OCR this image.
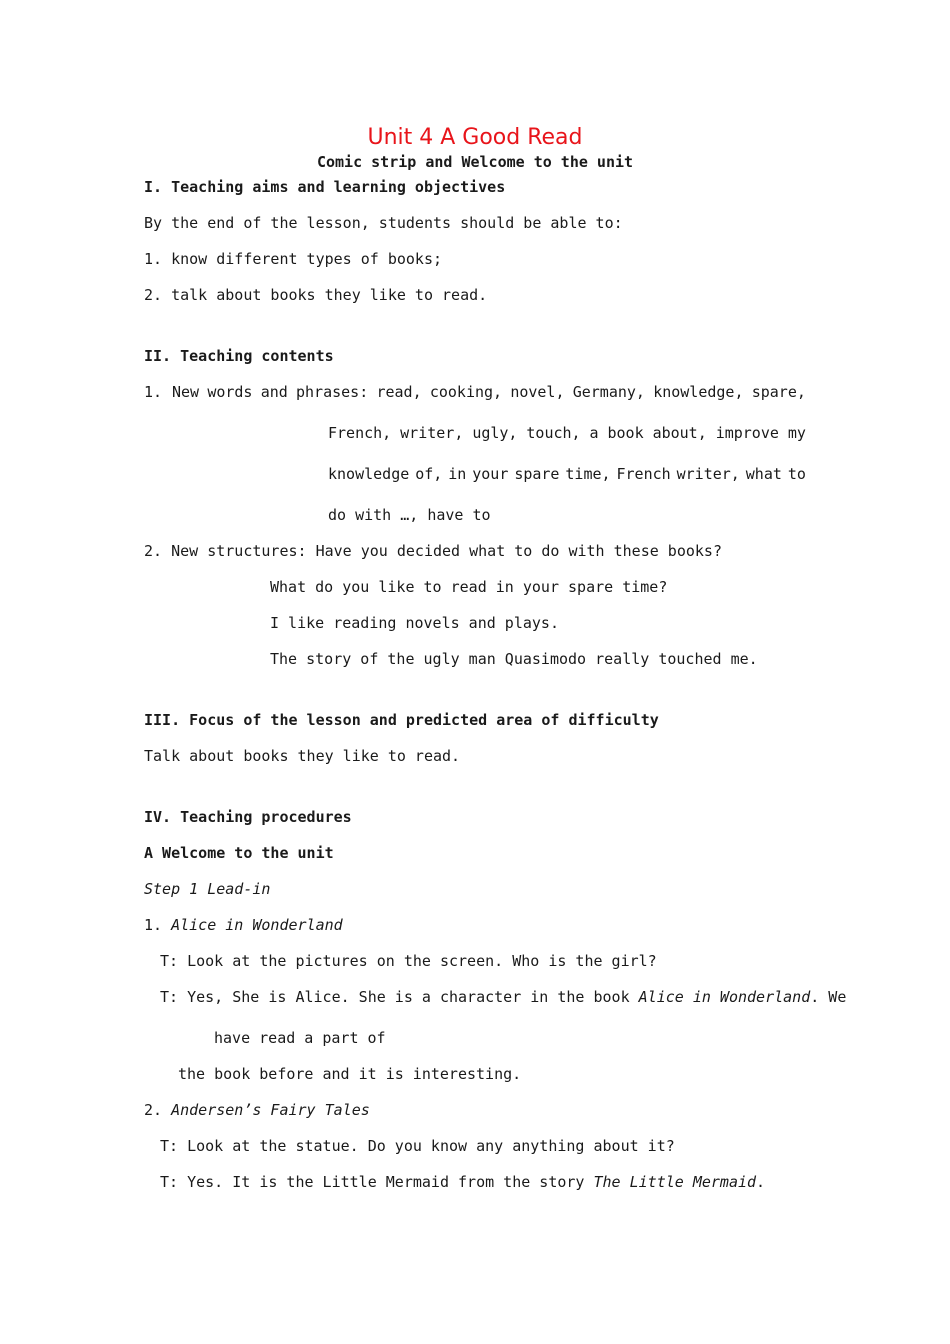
Unit 4 A Good Read
Comic strip and Welcome to the unit
I. Teaching aims and learning objectives
By the end of the lesson, students should be able to:
1. know different types of books;
2. talk about books they like to read.
II. Teaching contents
1. New words and phrases: read, cooking, novel, Germany, knowledge, spare,
French, writer, ugly, touch, a book about, improve my
knowledge of, in your spare time, French writer, what to
do with …, have to
2. New structures: Have you decided what to do with these books?
What do you like to read in your spare time?
I like reading novels and plays.
The story of the ugly man Quasimodo really touched me.
III. Focus of the lesson and predicted area of difficulty
Talk about books they like to read.
IV. Teaching procedures
A Welcome to the unit
Step 1 Lead-in
1. Alice in Wonderland
T: Look at the pictures on the screen. Who is the girl?
T: Yes, She is Alice. She is a character in the book Alice in Wonderland. We
have read a part of
the book before and it is interesting.
2. Andersen’s Fairy Tales
T: Look at the statue. Do you know any anything about it?
T: Yes. It is the Little Mermaid from the story The Little Mermaid.
